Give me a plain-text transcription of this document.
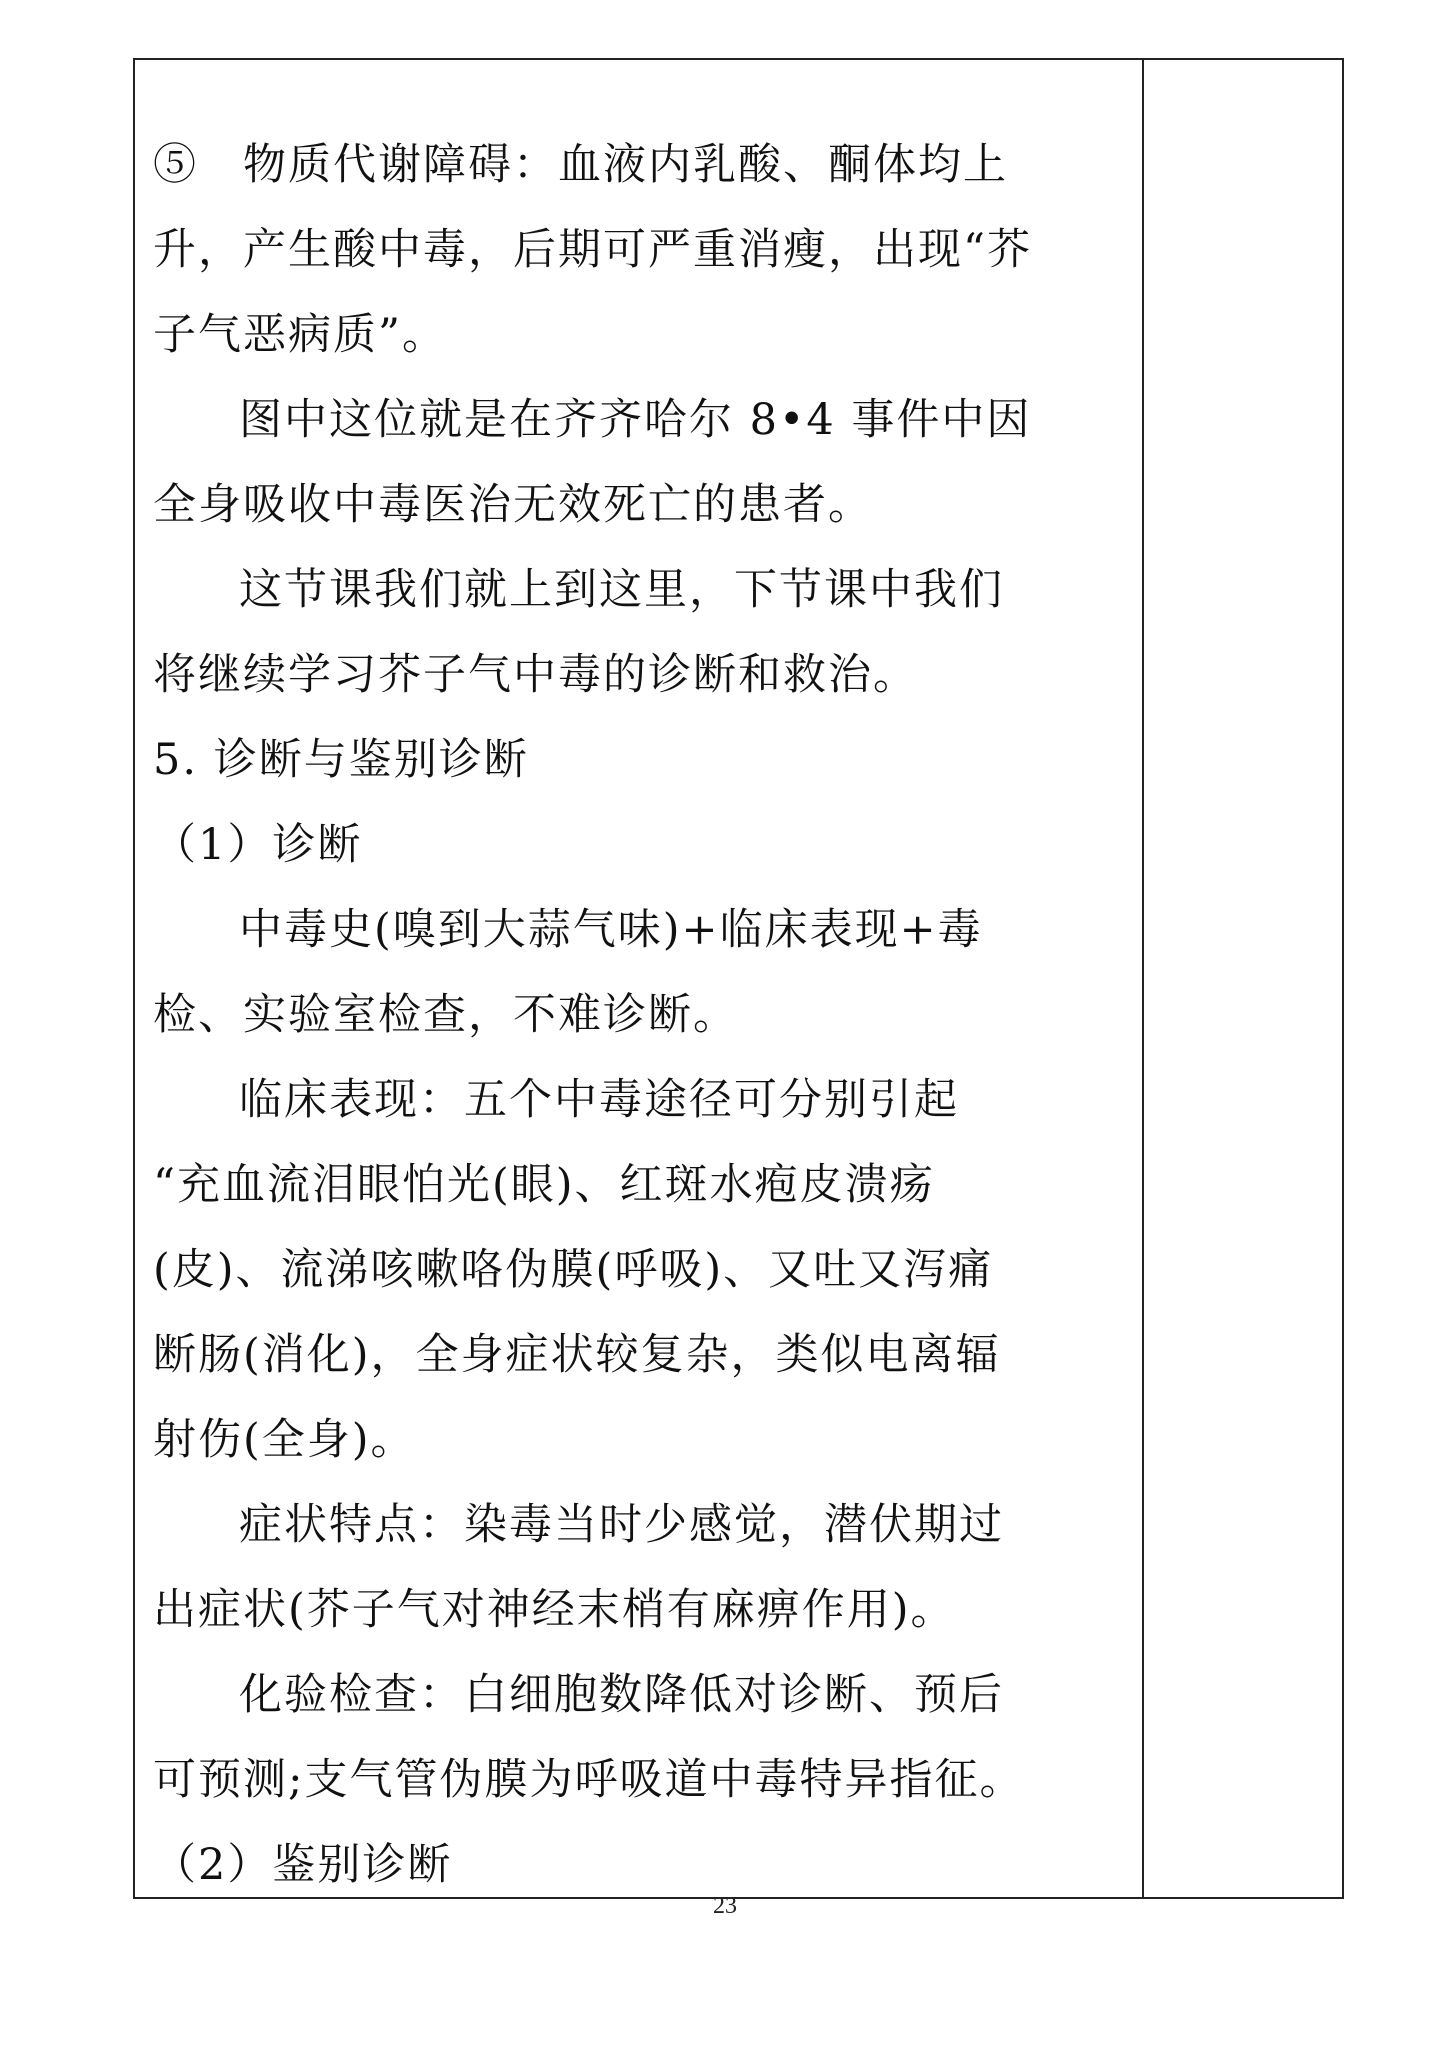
⑤　物质代谢障碍：血液内乳酸、酮体均上
升，产生酸中毒，后期可严重消瘦，出现“芥
子气恶病质”。
图中这位就是在齐齐哈尔 8•4 事件中因
全身吸收中毒医治无效死亡的患者。
这节课我们就上到这里，下节课中我们
将继续学习芥子气中毒的诊断和救治。
5. 诊断与鉴别诊断
（1）诊断
中毒史(嗅到大蒜气味)+临床表现+毒
检、实验室检查，不难诊断。
临床表现：五个中毒途径可分别引起
“充血流泪眼怕光(眼)、红斑水疱皮溃疡
(皮)、流涕咳嗽咯伪膜(呼吸)、又吐又泻痛
断肠(消化)，全身症状较复杂，类似电离辐
射伤(全身)。
症状特点：染毒当时少感觉，潜伏期过
出症状(芥子气对神经末梢有麻痹作用)。
化验检查：白细胞数降低对诊断、预后
可预测;支气管伪膜为呼吸道中毒特异指征。
（2）鉴别诊断
23
